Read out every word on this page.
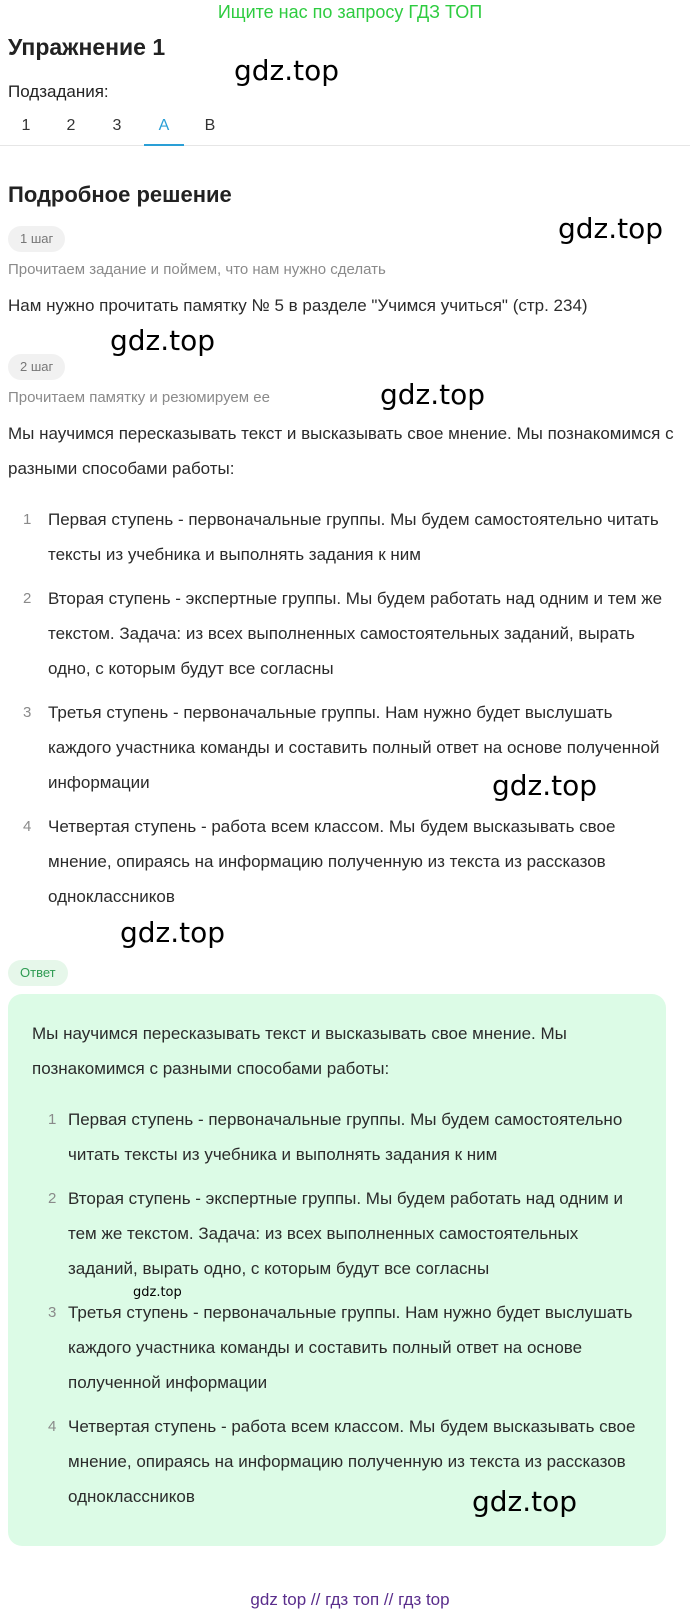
Ищите нас по запросу ГДЗ ТОП
Упражнение 1
Подзадания:
1	2	3	А	В
Подробное решение
1 шаг
Прочитаем задание и поймем, что нам нужно сделать
Нам нужно прочитать памятку № 5 в разделе "Учимся учиться" (стр. 234)
2 шаг
Прочитаем памятку и резюмируем ее
Мы научимся пересказывать текст и высказывать свое мнение. Мы познакомимся с разными способами работы:
1 Первая ступень - первоначальные группы. Мы будем самостоятельно читать тексты из учебника и выполнять задания к ним
2 Вторая ступень - экспертные группы. Мы будем работать над одним и тем же текстом. Задача: из всех выполненных самостоятельных заданий, вырать одно, с которым будут все согласны
3 Третья ступень - первоначальные группы. Нам нужно будет выслушать каждого участника команды и составить полный ответ на основе полученной информации
4 Четвертая ступень - работа всем классом. Мы будем высказывать свое мнение, опираясь на информацию полученную из текста из рассказов одноклассников
Ответ
Мы научимся пересказывать текст и высказывать свое мнение. Мы познакомимся с разными способами работы:
1 Первая ступень - первоначальные группы. Мы будем самостоятельно читать тексты из учебника и выполнять задания к ним
2 Вторая ступень - экспертные группы. Мы будем работать над одним и тем же текстом. Задача: из всех выполненных самостоятельных заданий, вырать одно, с которым будут все согласны
3 Третья ступень - первоначальные группы. Нам нужно будет выслушать каждого участника команды и составить полный ответ на основе полученной информации
4 Четвертая ступень - работа всем классом. Мы будем высказывать свое мнение, опираясь на информацию полученную из текста из рассказов одноклассников
gdz.top
gdz.top
gdz.top
gdz.top
gdz.top
gdz.top
gdz.top
gdz.top
gdz top // гдз топ // гдз top
